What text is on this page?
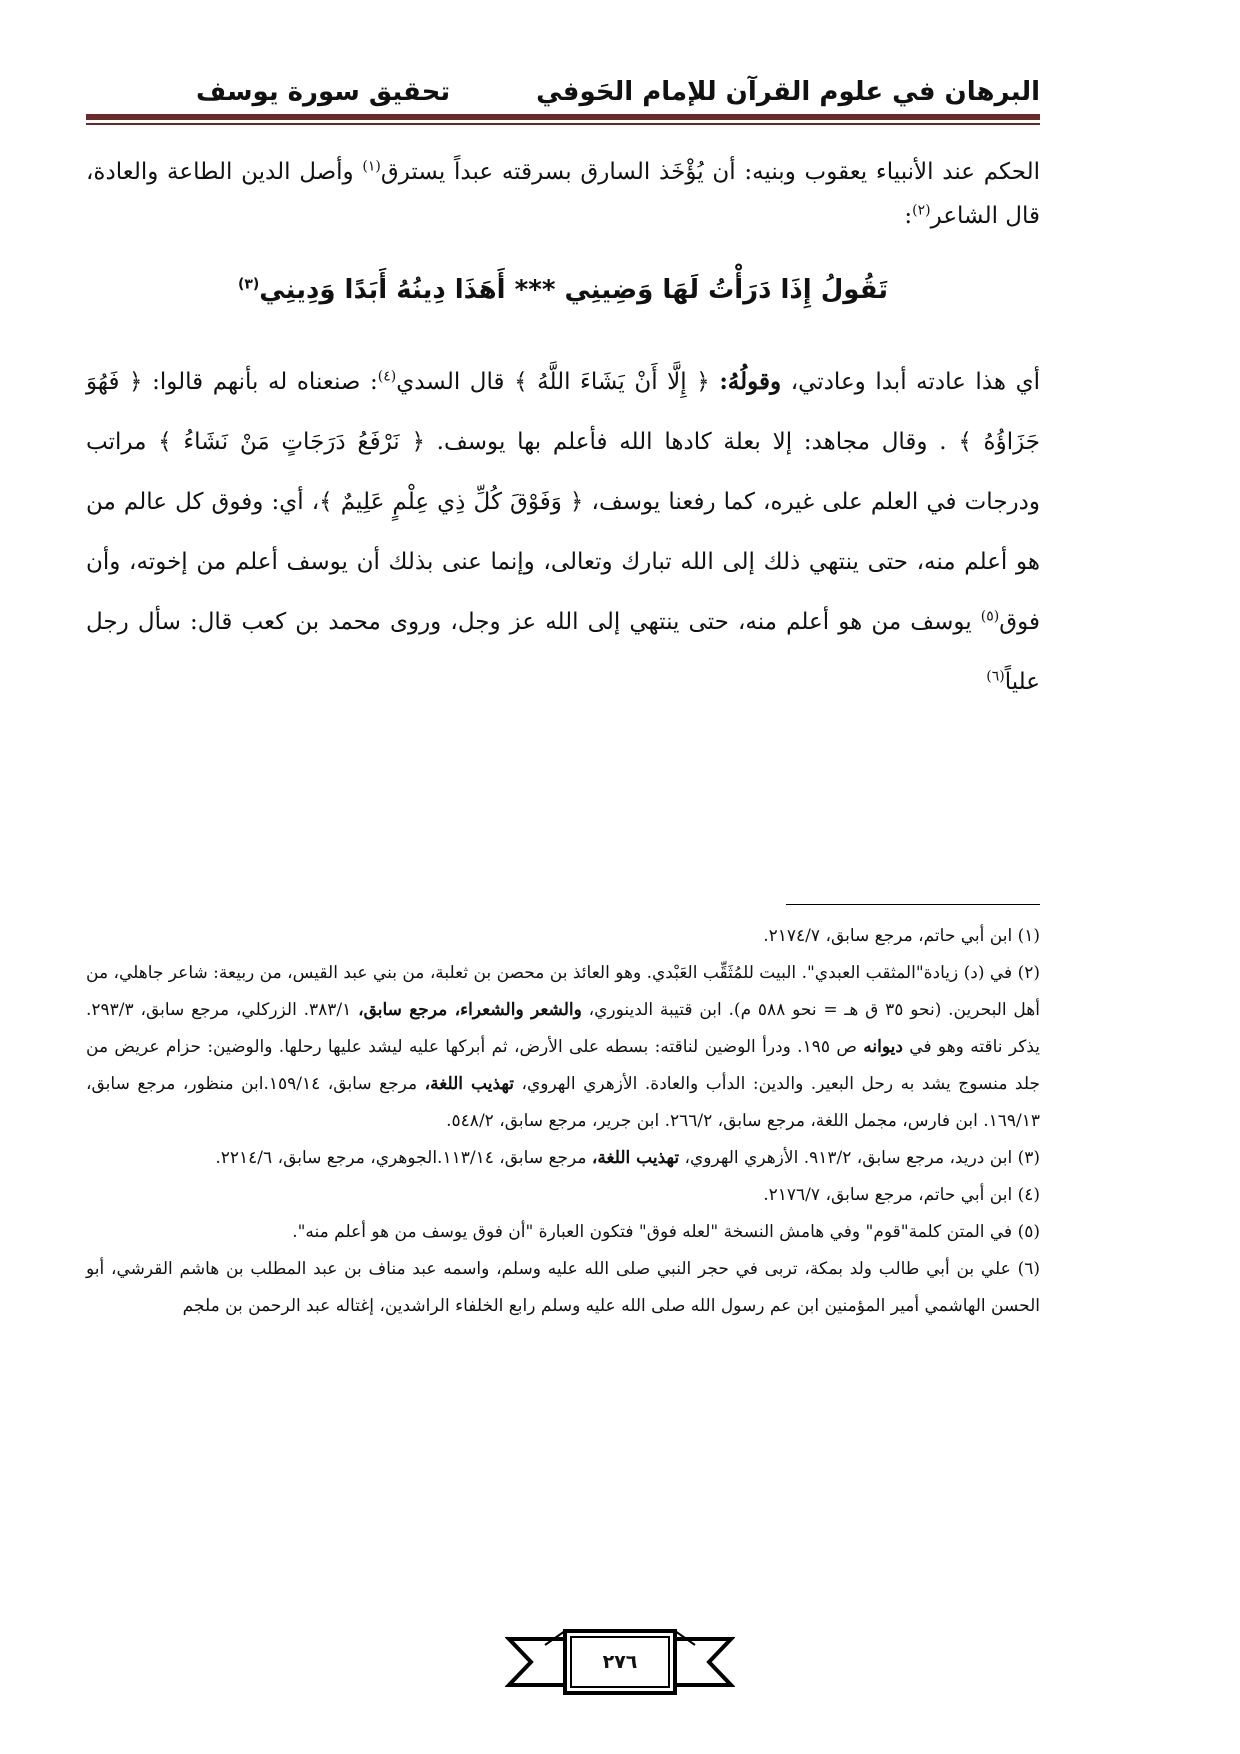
البرهان في علوم القرآن للإمام الحَوفي
تحقيق سورة يوسف

الحكم عند الأنبياء يعقوب وبنيه: أن يُؤْخَذ السارق بسرقته عبداً يسترق$^{(١)}$ وأصل الدين الطاعة والعادة، قال الشاعر$^{(٢)}$:

تَقُولُ إِذَا دَرَأْتُ لَهَا وَضِينِي *** أَهَذَا دِينُهُ أَبَدًا وَدِينِي$^{(٣)}$

أي هذا عادته أبدا وعادتي، وقولُهُ: ﴿ إِلَّا أَنْ يَشَاءَ اللَّهُ ﴾ قال السدي$^{(٤)}$: صنعناه له بأنهم قالوا: ﴿ فَهُوَ جَزَاؤُهُ ﴾ . وقال مجاهد: إلا بعلة كادها الله فأعلم بها يوسف. ﴿ نَرْفَعُ دَرَجَاتٍ مَنْ نَشَاءُ ﴾ مراتب ودرجات في العلم على غيره، كما رفعنا يوسف، ﴿ وَفَوْقَ كُلِّ ذِي عِلْمٍ عَلِيمٌ ﴾، أي: وفوق كل عالم من هو أعلم منه، حتى ينتهي ذلك إلى الله تبارك وتعالى، وإنما عنى بذلك أن يوسف أعلم من إخوته، وأن فوق$^{(٥)}$ يوسف من هو أعلم منه، حتى ينتهي إلى الله عز وجل، وروى محمد بن كعب قال: سأل رجل علياً$^{(٦)}$

(١) ابن أبي حاتم، مرجع سابق، ٢١٧٤/٧.

(٢) في (د) زيادة"المثقب العبدي". البيت للمُثَقِّب العَبْدي. وهو العائذ بن محصن بن ثعلبة، من بني عبد القيس، من ربيعة: شاعر جاهلي، من أهل البحرين. (نحو ٣٥ ق هـ = نحو ٥٨٨ م). ابن قتيبة الدينوري، والشعر والشعراء، مرجع سابق، ٣٨٣/١. الزركلي، مرجع سابق، ٢٩٣/٣. يذكر ناقته وهو في ديوانه ص ١٩٥. ودرأ الوضين لناقته: بسطه على الأرض، ثم أبركها عليه ليشد عليها رحلها. والوضين: حزام عريض من جلد منسوج يشد به رحل البعير. والدين: الدأب والعادة. الأزهري الهروي، تهذيب اللغة، مرجع سابق، ١٥٩/١٤.ابن منظور، مرجع سابق، ١٦٩/١٣. ابن فارس، مجمل اللغة، مرجع سابق، ٢٦٦/٢. ابن جرير، مرجع سابق، ٥٤٨/٢.

(٣) ابن دريد، مرجع سابق، ٩١٣/٢. الأزهري الهروي، تهذيب اللغة، مرجع سابق، ١١٣/١٤.الجوهري، مرجع سابق، ٢٢١٤/٦.

(٤) ابن أبي حاتم، مرجع سابق، ٢١٧٦/٧.

(٥) في المتن كلمة"قوم" وفي هامش النسخة "لعله فوق" فتكون العبارة "أن فوق يوسف من هو أعلم منه".

(٦) علي بن أبي طالب ولد بمكة، تربى في حجر النبي صلى الله عليه وسلم، واسمه عبد مناف بن عبد المطلب بن هاشم القرشي، أبو الحسن الهاشمي أمير المؤمنين ابن عم رسول الله صلى الله عليه وسلم رابع الخلفاء الراشدين، إغتاله عبد الرحمن بن ملجم

٢٧٦
